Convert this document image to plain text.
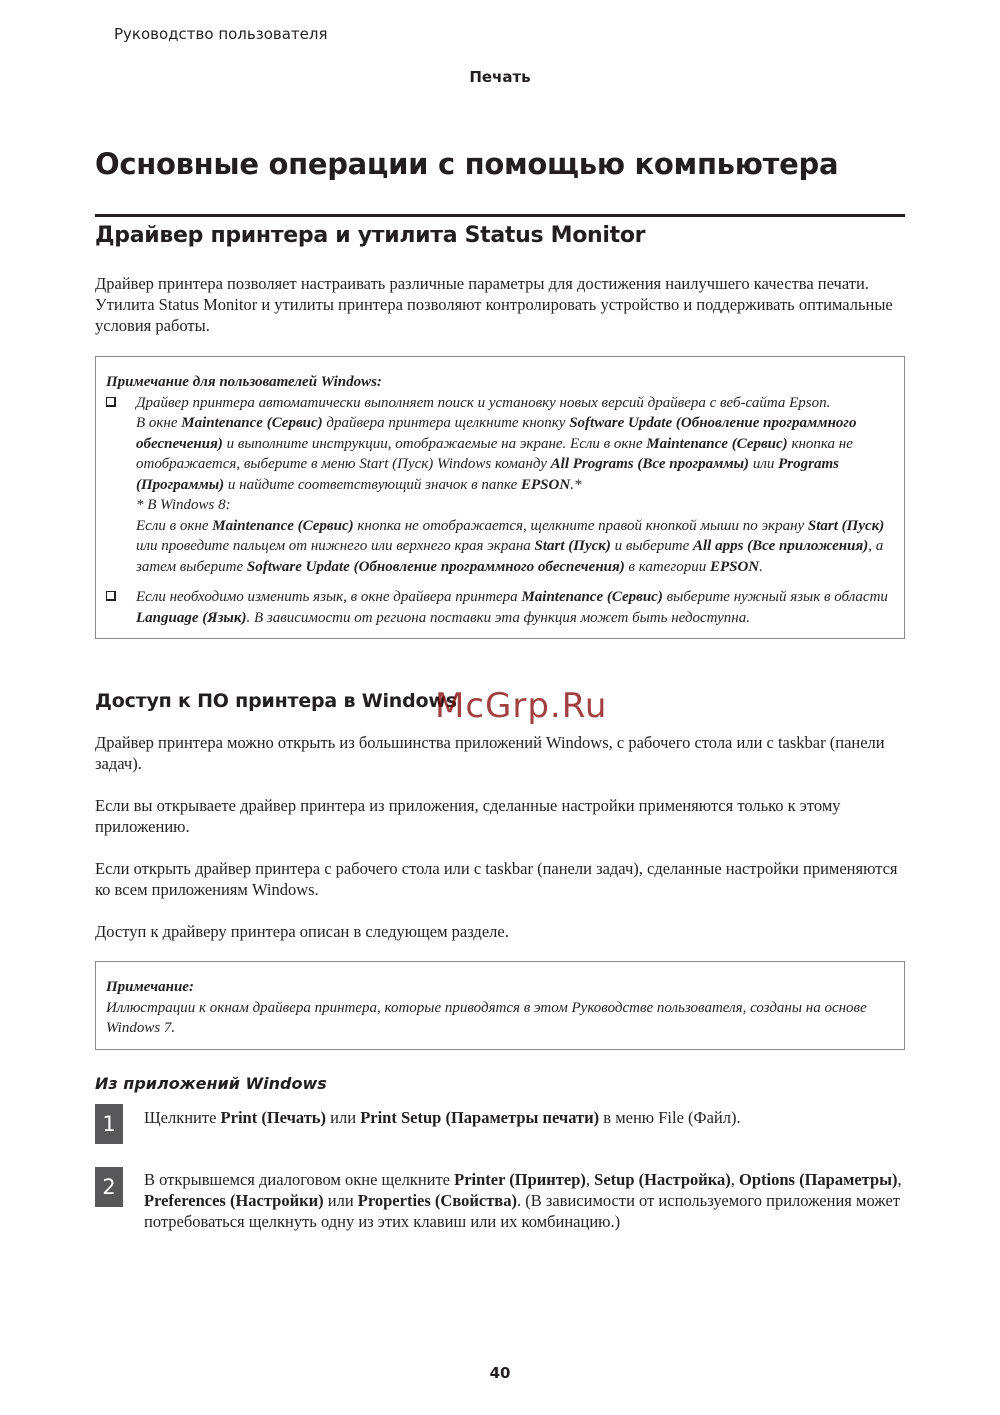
Руководство пользователя
Печать
Основные операции с помощью компьютера
Драйвер принтера и утилита Status Monitor

Драйвер принтера позволяет настраивать различные параметры для достижения наилучшего качества печати. Утилита Status Monitor и утилиты принтера позволяют контролировать устройство и поддерживать оптимальные условия работы.

Примечание для пользователей Windows:
Драйвер принтера автоматически выполняет поиск и установку новых версий драйвера с веб-сайта Epson.
В окне Maintenance (Сервис) драйвера принтера щелкните кнопку Software Update (Обновление программного обеспечения) и выполните инструкции, отображаемые на экране. Если в окне Maintenance (Сервис) кнопка не отображается, выберите в меню Start (Пуск) Windows команду All Programs (Все программы) или Programs (Программы) и найдите соответствующий значок в папке EPSON.*
* В Windows 8:
Если в окне Maintenance (Сервис) кнопка не отображается, щелкните правой кнопкой мыши по экрану Start (Пуск) или проведите пальцем от нижнего или верхнего края экрана Start (Пуск) и выберите All apps (Все приложения), а затем выберите Software Update (Обновление программного обеспечения) в категории EPSON.
Если необходимо изменить язык, в окне драйвера принтера Maintenance (Сервис) выберите нужный язык в области Language (Язык). В зависимости от региона поставки эта функция может быть недоступна.
Доступ к ПО принтера в Windows
McGrp.Ru

Драйвер принтера можно открыть из большинства приложений Windows, с рабочего стола или с taskbar (панели задач).

Если вы открываете драйвер принтера из приложения, сделанные настройки применяются только к этому приложению.

Если открыть драйвер принтера с рабочего стола или с taskbar (панели задач), сделанные настройки применяются ко всем приложениям Windows.

Доступ к драйверу принтера описан в следующем разделе.

Примечание:
Иллюстрации к окнам драйвера принтера, которые приводятся в этом Руководстве пользователя, созданы на основе Windows 7.
Из приложений Windows
1	Щелкните Print (Печать) или Print Setup (Параметры печати) в меню File (Файл).

2	В открывшемся диалоговом окне щелкните Printer (Принтер), Setup (Настройка), Options (Параметры), Preferences (Настройки) или Properties (Свойства). (В зависимости от используемого приложения может потребоваться щелкнуть одну из этих клавиш или их комбинацию.)

40
